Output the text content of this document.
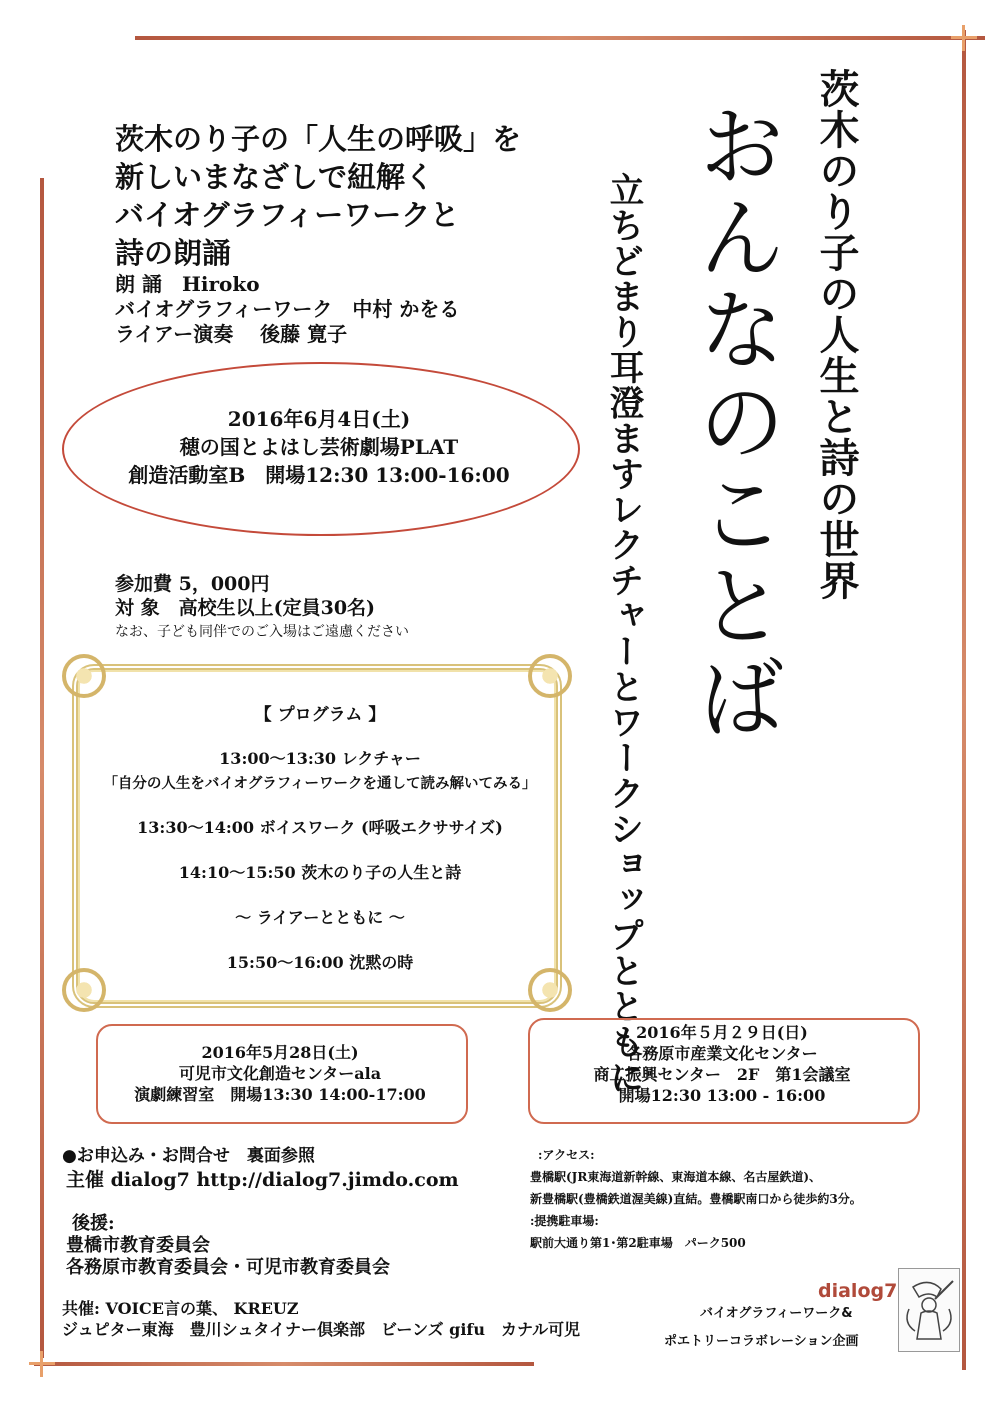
茨木のり子の人生と詩の世界
おんなのことば
立ちどまり耳澄ますレクチャーとワークショップとともに
茨木のり子の「人生の呼吸」を
新しいまなざしで紐解く
バイオグラフィーワークと
詩の朗誦
朗 誦　Hiroko
バイオグラフィーワーク　中村 かをる
ライアー演奏　 後藤 寛子
2016年6月4日(土)
穂の国とよはし芸術劇場PLAT
創造活動室B　開場12:30 13:00-16:00
参加費 5，000円
対 象　高校生以上(定員30名)
なお、子ども同伴でのご入場はご遠慮ください
【 プログラム 】
13:00～13:30 レクチャー
「自分の人生をバイオグラフィーワークを通して読み解いてみる」
13:30～14:00 ボイスワーク (呼吸エクササイズ)
14:10～15:50 茨木のり子の人生と詩
～ ライアーとともに ～
15:50～16:00 沈黙の時
2016年5月28日(土)
可児市文化創造センターala
演劇練習室　開場13:30 14:00-17:00
2016年５月２９日(日)
各務原市産業文化センター
商工振興センター　2F　第1会議室
開場12:30 13:00 - 16:00
●お申込み・お問合せ　裏面参照
主催 dialog7 http://dialog7.jimdo.com
後援:
豊橋市教育委員会
各務原市教育委員会・可児市教育委員会
共催: VOICE言の葉、 KREUZ
ジュピター東海　豊川シュタイナー倶楽部　ビーンズ gifu　カナル可児
:アクセス:
豊橋駅(JR東海道新幹線、東海道本線、名古屋鉄道)、
新豊橋駅(豊橋鉄道渥美線)直結。豊橋駅南口から徒歩約3分。
:提携駐車場:
駅前大通り第1･第2駐車場　パーク500
dialog7
バイオグラフィーワーク&
ポエトリーコラボレーション企画
